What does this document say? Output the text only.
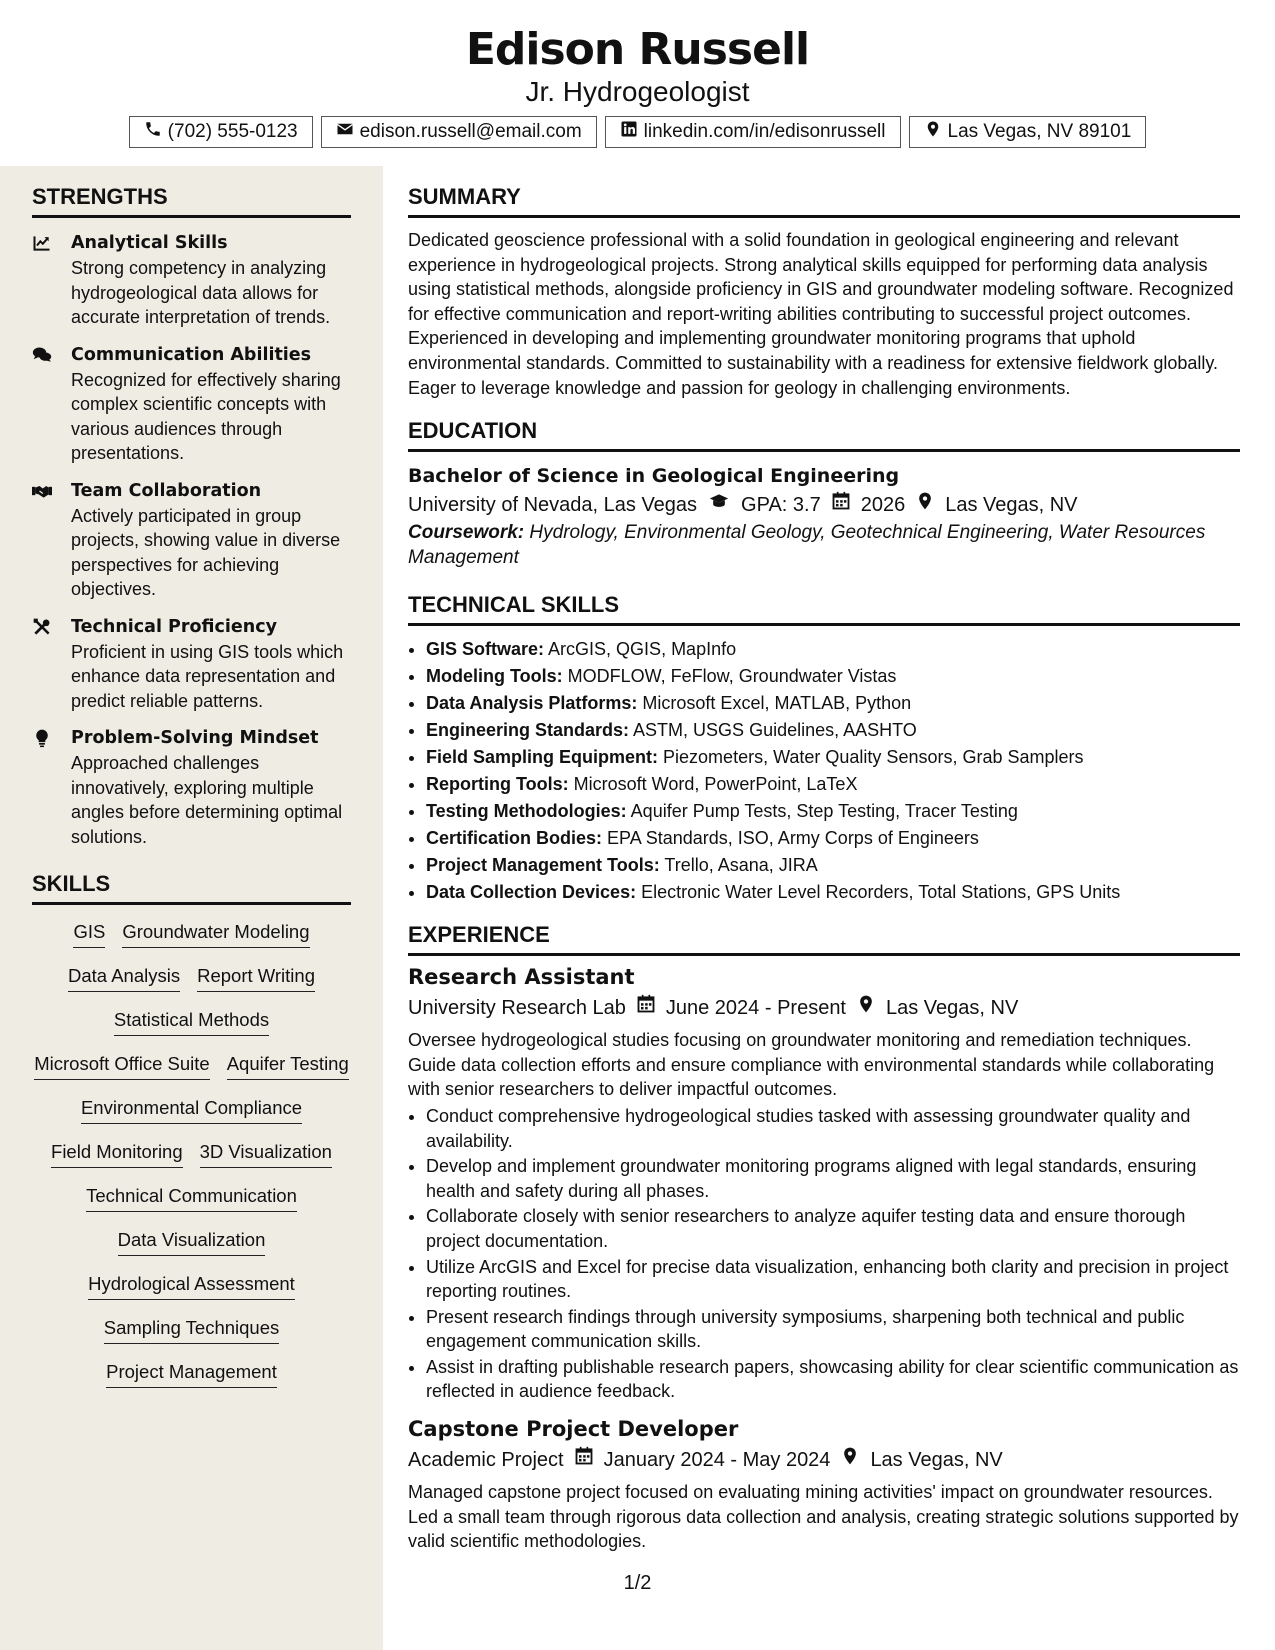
Edison Russell
Jr. Hydrogeologist
(702) 555-0123	edison.russell@email.com	linkedin.com/in/edisonrussell	Las Vegas, NV 89101
STRENGTHS
Analytical Skills
Strong competency in analyzing hydrogeological data allows for accurate interpretation of trends.
Communication Abilities
Recognized for effectively sharing complex scientific concepts with various audiences through presentations.
Team Collaboration
Actively participated in group projects, showing value in diverse perspectives for achieving objectives.
Technical Proficiency
Proficient in using GIS tools which enhance data representation and predict reliable patterns.
Problem-Solving Mindset
Approached challenges innovatively, exploring multiple angles before determining optimal solutions.
SKILLS
GIS Groundwater Modeling
Data Analysis Report Writing
Statistical Methods
Microsoft Office Suite Aquifer Testing
Environmental Compliance
Field Monitoring 3D Visualization
Technical Communication
Data Visualization
Hydrological Assessment
Sampling Techniques
Project Management
SUMMARY
Dedicated geoscience professional with a solid foundation in geological engineering and relevant experience in hydrogeological projects. Strong analytical skills equipped for performing data analysis using statistical methods, alongside proficiency in GIS and groundwater modeling software. Recognized for effective communication and report-writing abilities contributing to successful project outcomes. Experienced in developing and implementing groundwater monitoring programs that uphold environmental standards. Committed to sustainability with a readiness for extensive fieldwork globally. Eager to leverage knowledge and passion for geology in challenging environments.
EDUCATION
Bachelor of Science in Geological Engineering
University of Nevada, Las Vegas GPA: 3.7 2026 Las Vegas, NV
Coursework: Hydrology, Environmental Geology, Geotechnical Engineering, Water Resources Management
TECHNICAL SKILLS
• GIS Software: ArcGIS, QGIS, MapInfo
• Modeling Tools: MODFLOW, FeFlow, Groundwater Vistas
• Data Analysis Platforms: Microsoft Excel, MATLAB, Python
• Engineering Standards: ASTM, USGS Guidelines, AASHTO
• Field Sampling Equipment: Piezometers, Water Quality Sensors, Grab Samplers
• Reporting Tools: Microsoft Word, PowerPoint, LaTeX
• Testing Methodologies: Aquifer Pump Tests, Step Testing, Tracer Testing
• Certification Bodies: EPA Standards, ISO, Army Corps of Engineers
• Project Management Tools: Trello, Asana, JIRA
• Data Collection Devices: Electronic Water Level Recorders, Total Stations, GPS Units
EXPERIENCE
Research Assistant
University Research Lab June 2024 - Present Las Vegas, NV
Oversee hydrogeological studies focusing on groundwater monitoring and remediation techniques. Guide data collection efforts and ensure compliance with environmental standards while collaborating with senior researchers to deliver impactful outcomes.
• Conduct comprehensive hydrogeological studies tasked with assessing groundwater quality and availability.
• Develop and implement groundwater monitoring programs aligned with legal standards, ensuring health and safety during all phases.
• Collaborate closely with senior researchers to analyze aquifer testing data and ensure thorough project documentation.
• Utilize ArcGIS and Excel for precise data visualization, enhancing both clarity and precision in project reporting routines.
• Present research findings through university symposiums, sharpening both technical and public engagement communication skills.
• Assist in drafting publishable research papers, showcasing ability for clear scientific communication as reflected in audience feedback.
Capstone Project Developer
Academic Project January 2024 - May 2024 Las Vegas, NV
Managed capstone project focused on evaluating mining activities' impact on groundwater resources. Led a small team through rigorous data collection and analysis, creating strategic solutions supported by valid scientific methodologies.
1/2
